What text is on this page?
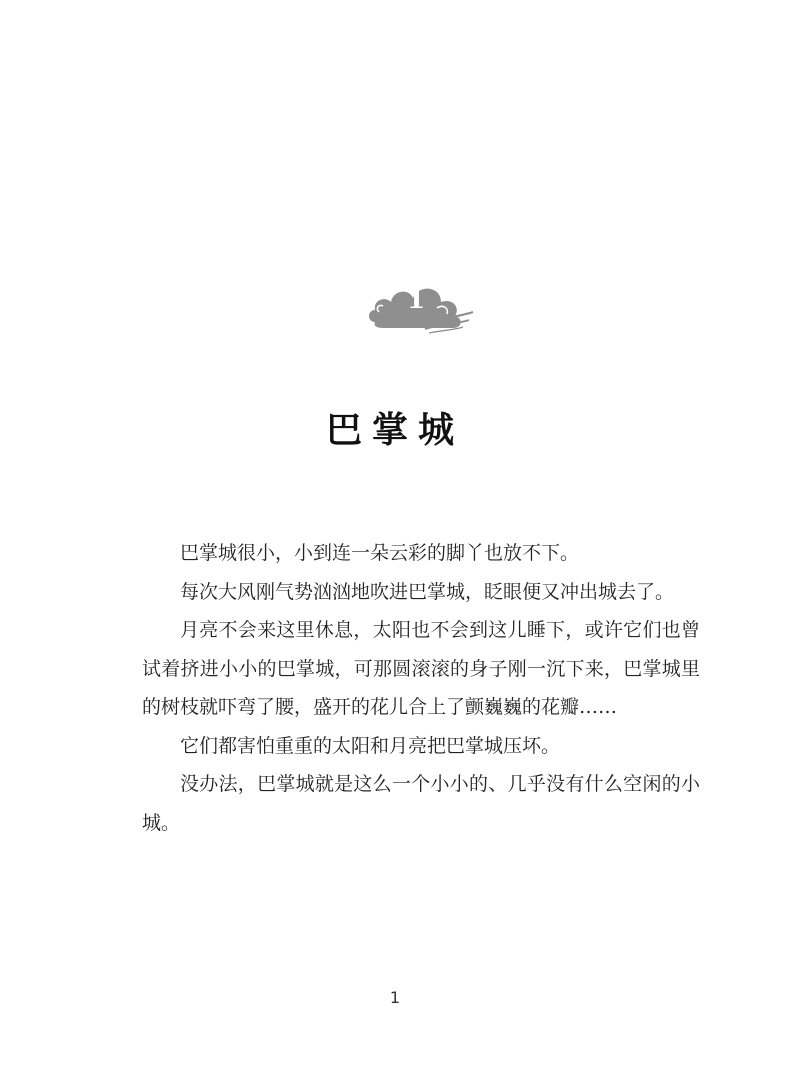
1
巴掌城

巴掌城很小，小到连一朵云彩的脚丫也放不下。

每次大风刚气势汹汹地吹进巴掌城，眨眼便又冲出城去了。

月亮不会来这里休息，太阳也不会到这儿睡下，或许它们也曾试着挤进小小的巴掌城，可那圆滚滚的身子刚一沉下来，巴掌城里的树枝就吓弯了腰，盛开的花儿合上了颤巍巍的花瓣……

它们都害怕重重的太阳和月亮把巴掌城压坏。

没办法，巴掌城就是这么一个小小的、几乎没有什么空闲的小城。

1
